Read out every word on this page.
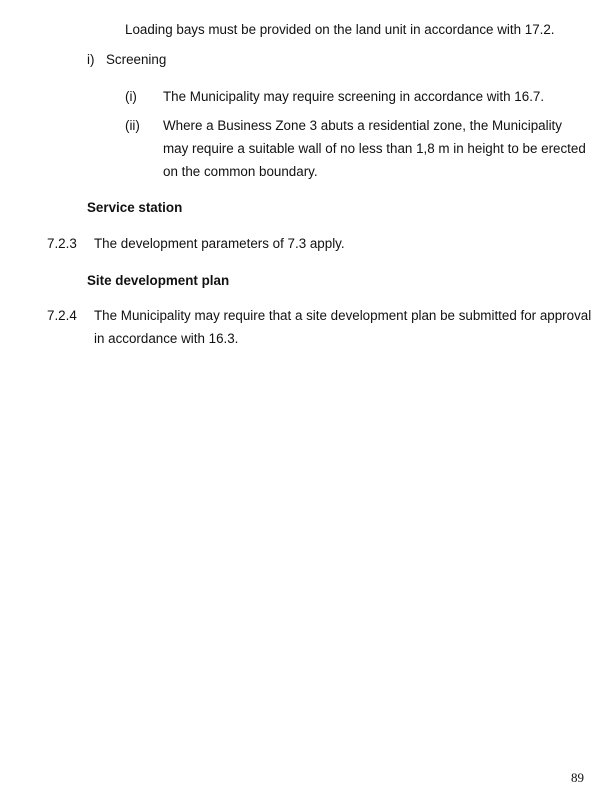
Loading bays must be provided on the land unit in accordance with 17.2.
i) Screening
(i) The Municipality may require screening in accordance with 16.7.
(ii) Where a Business Zone 3 abuts a residential zone, the Municipality
may require a suitable wall of no less than 1,8 m in height to be erected
on the common boundary.
Service station
7.2.3 The development parameters of 7.3 apply.
Site development plan
7.2.4 The Municipality may require that a site development plan be submitted for approval
in accordance with 16.3.
89
